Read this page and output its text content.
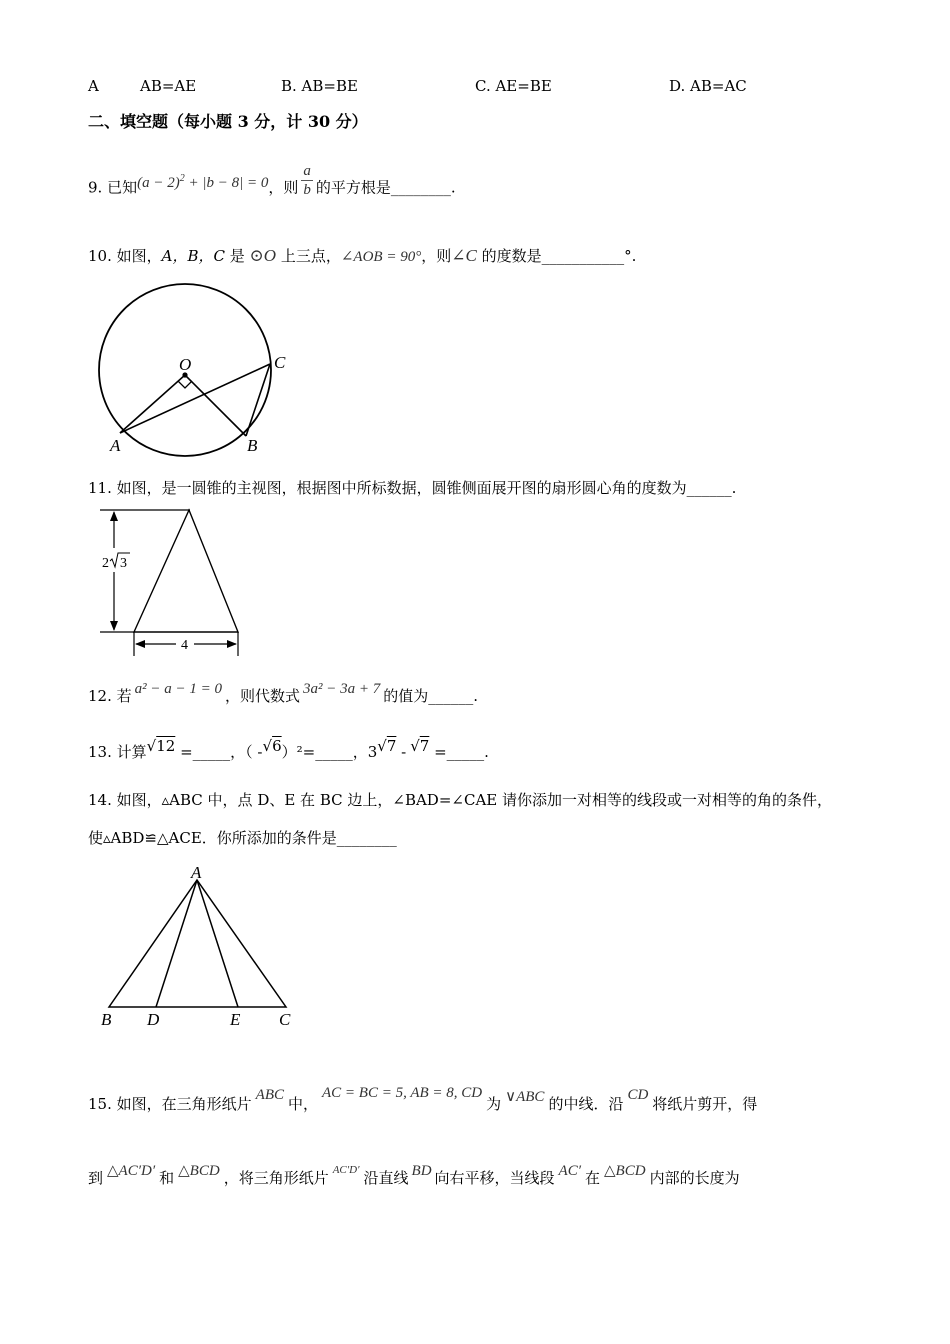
A	AB=AE	B. AB=BE	C. AE=BE	D. AB=AC
二、填空题（每小题 3 分，计 30 分）
9. 已知$(a - 2)^2 + |b - 8| = 0$，则 $\frac{a}{b}$ 的平方根是________.
10. 如图，A，B，C 是 ⊙O 上三点，∠AOB = 90°，则∠C 的度数是___________°.
O
A	B
C
11. 如图，是一圆锥的主视图，根据图中所标数据，圆锥侧面展开图的扇形圆心角的度数为______.
4
2 3
12. 若 a² − a − 1 = 0 ，则代数式 3a² − 3a + 7 的值为______.
13. 计算√12 =_____，（ -√6）²=_____，3√7 - √7 =_____.
14. 如图，▵ABC 中，点 D、E 在 BC 边上，∠BAD=∠CAE 请你添加一对相等的线段或一对相等的角的条件，
使▵ABD≌△ACE．你所添加的条件是________
A
B D	E C
15. 如图，在三角形纸片 ABC 中，AC = BC = 5, AB = 8, CD为 ∨ABC 的中线．沿 CD 将纸片剪开，得
到 △AC′D′ 和 △BCD ，将三角形纸片 $^{AC'D'}$ 沿直线 BD 向右平移，当线段 AC′ 在 △BCD 内部的长度为
